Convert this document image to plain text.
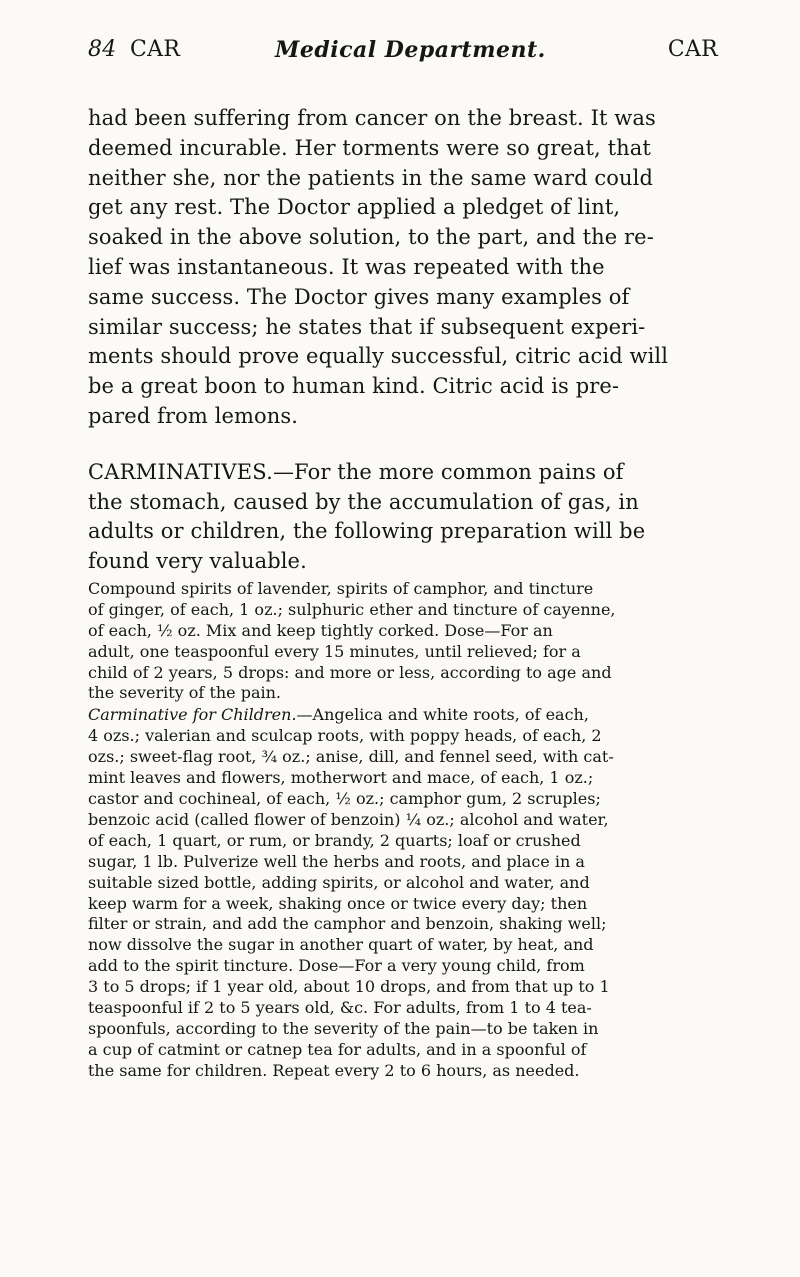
84 CAR	Medical Department.	CAR
had been suffering from cancer on the breast. It was
deemed incurable. Her torments were so great, that
neither she, nor the patients in the same ward could
get any rest. The Doctor applied a pledget of lint,
soaked in the above solution, to the part, and the re-
lief was instantaneous. It was repeated with the
same success. The Doctor gives many examples of
similar success; he states that if subsequent experi-
ments should prove equally successful, citric acid will
be a great boon to human kind. Citric acid is pre-
pared from lemons.
CARMINATIVES.—For the more common pains of
the stomach, caused by the accumulation of gas, in
adults or children, the following preparation will be
found very valuable.
Compound spirits of lavender, spirits of camphor, and tincture
of ginger, of each, 1 oz.; sulphuric ether and tincture of cayenne,
of each, ½ oz. Mix and keep tightly corked. Dose—For an
adult, one teaspoonful every 15 minutes, until relieved; for a
child of 2 years, 5 drops: and more or less, according to age and
the severity of the pain.
Carminative for Children.—Angelica and white roots, of each,
4 ozs.; valerian and sculcap roots, with poppy heads, of each, 2
ozs.; sweet-flag root, ¾ oz.; anise, dill, and fennel seed, with cat-
mint leaves and flowers, motherwort and mace, of each, 1 oz.;
castor and cochineal, of each, ½ oz.; camphor gum, 2 scruples;
benzoic acid (called flower of benzoin) ¼ oz.; alcohol and water,
of each, 1 quart, or rum, or brandy, 2 quarts; loaf or crushed
sugar, 1 lb. Pulverize well the herbs and roots, and place in a
suitable sized bottle, adding spirits, or alcohol and water, and
keep warm for a week, shaking once or twice every day; then
filter or strain, and add the camphor and benzoin, shaking well;
now dissolve the sugar in another quart of water, by heat, and
add to the spirit tincture. Dose—For a very young child, from
3 to 5 drops; if 1 year old, about 10 drops, and from that up to 1
teaspoonful if 2 to 5 years old, &c. For adults, from 1 to 4 tea-
spoonfuls, according to the severity of the pain—to be taken in
a cup of catmint or catnep tea for adults, and in a spoonful of
the same for children. Repeat every 2 to 6 hours, as needed.
